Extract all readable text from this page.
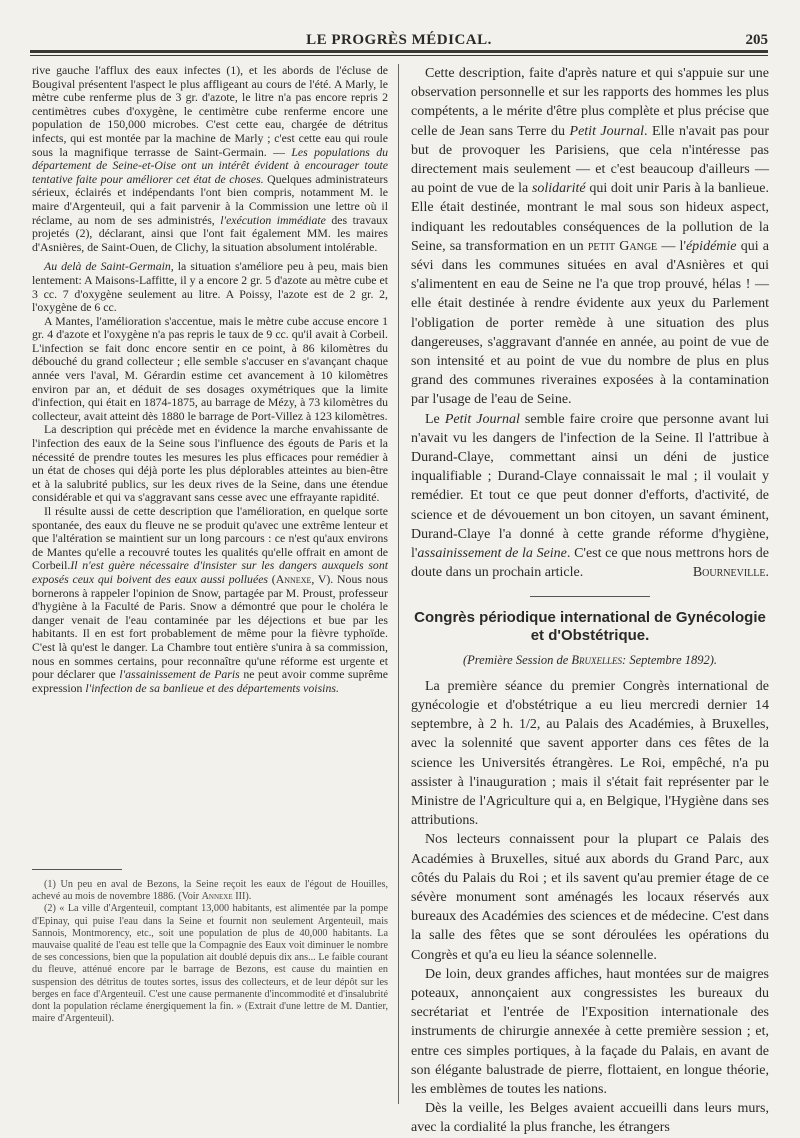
LE PROGRÈS MÉDICAL.	205

rive gauche l'afflux des eaux infectes (1), et les abords de l'écluse de Bougival présentent l'aspect le plus affligeant au cours de l'été. A Marly, le mètre cube renferme plus de 3 gr. d'azote, le litre n'a pas encore repris 2 centimètres cubes d'oxygène, le centimètre cube renferme encore une population de 150,000 microbes. C'est cette eau, chargée de détritus infects, qui est montée par la machine de Marly ; c'est cette eau qui roule sous la magnifique terrasse de Saint-Germain. — Les populations du département de Seine-et-Oise ont un intérêt évident à encourager toute tentative faite pour améliorer cet état de choses. Quelques administrateurs sérieux, éclairés et indépendants l'ont bien compris, notamment M. le maire d'Argenteuil, qui a fait parvenir à la Commission une lettre où il réclame, au nom de ses administrés, l'exécution immédiate des travaux projetés (2), déclarant, ainsi que l'ont fait également MM. les maires d'Asnières, de Saint-Ouen, de Clichy, la situation absolument intolérable.

Au delà de Saint-Germain, la situation s'améliore peu à peu, mais bien lentement: A Maisons-Laffitte, il y a encore 2 gr. 5 d'azote au mètre cube et 3 cc. 7 d'oxygène seulement au litre. A Poissy, l'azote est de 2 gr. 2, l'oxygène de 6 cc.

A Mantes, l'amélioration s'accentue, mais le mètre cube accuse encore 1 gr. 4 d'azote et l'oxygène n'a pas repris le taux de 9 cc. qu'il avait à Corbeil. L'infection se fait donc encore sentir en ce point, à 86 kilomètres du débouché du grand collecteur ; elle semble s'accuser en s'avançant chaque année vers l'aval, M. Gérardin estime cet avancement à 10 kilomètres environ par an, et déduit de ses dosages oxymétriques que la limite d'infection, qui était en 1874-1875, au barrage de Mézy, à 73 kilomètres du collecteur, avait atteint dès 1880 le barrage de Port-Villez à 123 kilomètres.

La description qui précède met en évidence la marche envahissante de l'infection des eaux de la Seine sous l'influence des égouts de Paris et la nécessité de prendre toutes les mesures les plus efficaces pour remédier à un état de choses qui déjà porte les plus déplorables atteintes au bien-être et à la salubrité publics, sur les deux rives de la Seine, dans une étendue considérable et qui va s'aggravant sans cesse avec une effrayante rapidité.

Il résulte aussi de cette description que l'amélioration, en quelque sorte spontanée, des eaux du fleuve ne se produit qu'avec une extrême lenteur et que l'altération se maintient sur un long parcours : ce n'est qu'aux environs de Mantes qu'elle a recouvré toutes les qualités qu'elle offrait en amont de Corbeil.Il n'est guère nécessaire d'insister sur les dangers auxquels sont exposés ceux qui boivent des eaux aussi polluées (Annexe, V). Nous nous bornerons à rappeler l'opinion de Snow, partagée par M. Proust, professeur d'hygiène à la Faculté de Paris. Snow a démontré que pour le choléra le danger venait de l'eau contaminée par les déjections et bue par les habitants. Il en est fort probablement de même pour la fièvre typhoïde. C'est là qu'est le danger. La Chambre tout entière s'unira à sa commission, nous en sommes certains, pour reconnaître qu'une réforme est urgente et pour déclarer que l'assainissement de Paris ne peut avoir comme suprême expression l'infection de sa banlieue et des départements voisins.

(1) Un peu en aval de Bezons, la Seine reçoit les eaux de l'égout de Houilles, achevé au mois de novembre 1886. (Voir Annexe III).

(2) « La ville d'Argenteuil, comptant 13,000 habitants, est alimentée par la pompe d'Epinay, qui puise l'eau dans la Seine et fournit non seulement Argenteuil, mais Sannois, Montmorency, etc., soit une population de plus de 40,000 habitants. La mauvaise qualité de l'eau est telle que la Compagnie des Eaux voit diminuer le nombre de ses concessions, bien que la population ait doublé depuis dix ans... Le faible courant du fleuve, atténué encore par le barrage de Bezons, est cause du maintien en suspension des détritus de toutes sortes, issus des collecteurs, et de leur dépôt sur les berges en face d'Argenteuil. C'est une cause permanente d'incommodité et d'insalubrité dont la population réclame énergiquement la fin. » (Extrait d'une lettre de M. Dantier, maire d'Argenteuil).

Cette description, faite d'après nature et qui s'appuie sur une observation personnelle et sur les rapports des hommes les plus compétents, a le mérite d'être plus complète et plus précise que celle de Jean sans Terre du Petit Journal. Elle n'avait pas pour but de provoquer les Parisiens, que cela n'intéresse pas directement mais seulement — et c'est beaucoup d'ailleurs — au point de vue de la solidarité qui doit unir Paris à la banlieue. Elle était destinée, montrant le mal sous son hideux aspect, indiquant les redoutables conséquences de la pollution de la Seine, sa transformation en un petit Gange — l'épidémie qui a sévi dans les communes situées en aval d'Asnières et qui s'alimentent en eau de Seine ne l'a que trop prouvé, hélas ! — elle était destinée à rendre évidente aux yeux du Parlement l'obligation de porter remède à une situation des plus dangereuses, s'aggravant d'année en année, au point de vue de son intensité et au point de vue du nombre de plus en plus grand des communes riveraines exposées à la contamination par l'usage de l'eau de Seine.

Le Petit Journal semble faire croire que personne avant lui n'avait vu les dangers de l'infection de la Seine. Il l'attribue à Durand-Claye, commettant ainsi un déni de justice inqualifiable ; Durand-Claye connaissait le mal ; il voulait y remédier. Et tout ce que peut donner d'efforts, d'activité, de science et de dévouement un bon citoyen, un savant éminent, Durand-Claye l'a donné à cette grande réforme d'hygiène, l'assainissement de la Seine. C'est ce que nous mettrons hors de doute dans un prochain article.	Bourneville.

Congrès périodique international de Gynécologie et d'Obstétrique.

(Première Session de Bruxelles: Septembre 1892).

La première séance du premier Congrès international de gynécologie et d'obstétrique a eu lieu mercredi dernier 14 septembre, à 2 h. 1/2, au Palais des Académies, à Bruxelles, avec la solennité que savent apporter dans ces fêtes de la science les Universités étrangères. Le Roi, empêché, n'a pu assister à l'inauguration ; mais il s'était fait représenter par le Ministre de l'Agriculture qui a, en Belgique, l'Hygiène dans ses attributions.

Nos lecteurs connaissent pour la plupart ce Palais des Académies à Bruxelles, situé aux abords du Grand Parc, aux côtés du Palais du Roi ; et ils savent qu'au premier étage de ce sévère monument sont aménagés les locaux réservés aux bureaux des Académies des sciences et de médecine. C'est dans la salle des fêtes que se sont déroulées les opérations du Congrès et qu'a eu lieu la séance solennelle.

De loin, deux grandes affiches, haut montées sur de maigres poteaux, annonçaient aux congressistes les bureaux du secrétariat et l'entrée de l'Exposition internationale des instruments de chirurgie annexée à cette première session ; et, entre ces simples portiques, à la façade du Palais, en avant de son élégante balustrade de pierre, flottaient, en longue théorie, les emblèmes de toutes les nations.

Dès la veille, les Belges avaient accueilli dans leurs murs, avec la cordialité la plus franche, les étrangers
